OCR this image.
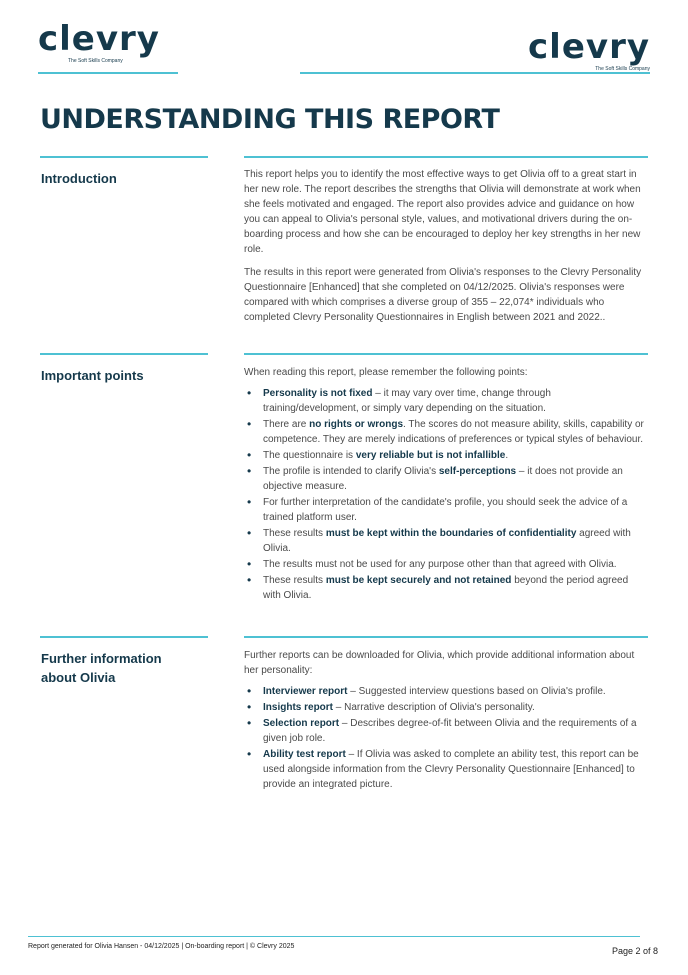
clevry
The Soft Skills Company	clevry
The Soft Skills Company
UNDERSTANDING THIS REPORT
Introduction	This report helps you to identify the most effective ways to get Olivia off to a great start in her new role. The report describes the strengths that Olivia will demonstrate at work when she feels motivated and engaged. The report also provides advice and guidance on how you can appeal to Olivia's personal style, values, and motivational drivers during the on-boarding process and how she can be encouraged to deploy her key strengths in her new role.

The results in this report were generated from Olivia's responses to the Clevry Personality Questionnaire [Enhanced] that she completed on 04/12/2025. Olivia's responses were compared with which comprises a diverse group of 355 – 22,074* individuals who completed Clevry Personality Questionnaires in English between 2021 and 2022..

Important points	When reading this report, please remember the following points:

• Personality is not fixed – it may vary over time, change through training/development, or simply vary depending on the situation.
• There are no rights or wrongs. The scores do not measure ability, skills, capability or competence. They are merely indications of preferences or typical styles of behaviour.
• The questionnaire is very reliable but is not infallible.
• The profile is intended to clarify Olivia's self-perceptions – it does not provide an objective measure.
• For further interpretation of the candidate's profile, you should seek the advice of a trained platform user.
• These results must be kept within the boundaries of confidentiality agreed with Olivia.
• The results must not be used for any purpose other than that agreed with Olivia.
• These results must be kept securely and not retained beyond the period agreed with Olivia.
Further information about Olivia

Further reports can be downloaded for Olivia, which provide additional information about her personality:

• Interviewer report – Suggested interview questions based on Olivia's profile.
• Insights report – Narrative description of Olivia's personality.
• Selection report – Describes degree-of-fit between Olivia and the requirements of a given job role.
• Ability test report – If Olivia was asked to complete an ability test, this report can be used alongside information from the Clevry Personality Questionnaire [Enhanced] to provide an integrated picture.
Report generated for Olivia Hansen - 04/12/2025 | On-boarding report | © Clevry 2025	Page 2 of 8
